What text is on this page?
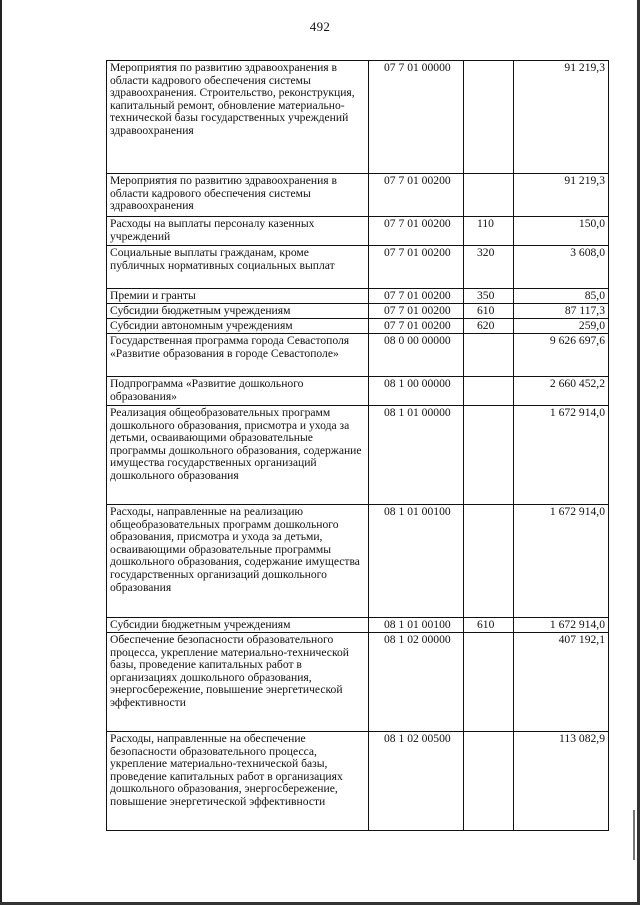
492
Мероприятия по развитию здравоохранения в области кадрового обеспечения системы здравоохранения. Строительство, реконструкция, капитальный ремонт, обновление материально-технической базы государственных учреждений здравоохранения	07 7 01 00000		91 219,3
Мероприятия по развитию здравоохранения в области кадрового обеспечения системы здравоохранения	07 7 01 00200		91 219,3
Расходы на выплаты персоналу казенных учреждений	07 7 01 00200	110	150,0
Социальные выплаты гражданам, кроме публичных нормативных социальных выплат	07 7 01 00200	320	3 608,0
Премии и гранты	07 7 01 00200	350	85,0
Субсидии бюджетным учреждениям	07 7 01 00200	610	87 117,3
Субсидии автономным учреждениям	07 7 01 00200	620	259,0
Государственная программа города Севастополя «Развитие образования в городе Севастополе»	08 0 00 00000		9 626 697,6
Подпрограмма «Развитие дошкольного образования»	08 1 00 00000		2 660 452,2
Реализация общеобразовательных программ дошкольного образования, присмотра и ухода за детьми, осваивающими образовательные программы дошкольного образования, содержание имущества государственных организаций дошкольного образования	08 1 01 00000		1 672 914,0
Расходы, направленные на реализацию общеобразовательных программ дошкольного образования, присмотра и ухода за детьми, осваивающими образовательные программы дошкольного образования, содержание имущества государственных организаций дошкольного образования	08 1 01 00100		1 672 914,0
Субсидии бюджетным учреждениям	08 1 01 00100	610	1 672 914,0
Обеспечение безопасности образовательного процесса, укрепление материально-технической базы, проведение капитальных работ в организациях дошкольного образования, энергосбережение, повышение энергетической эффективности	08 1 02 00000		407 192,1
Расходы, направленные на обеспечение безопасности образовательного процесса, укрепление материально-технической базы, проведение капитальных работ в организациях дошкольного образования, энергосбережение, повышение энергетической эффективности	08 1 02 00500		113 082,9
